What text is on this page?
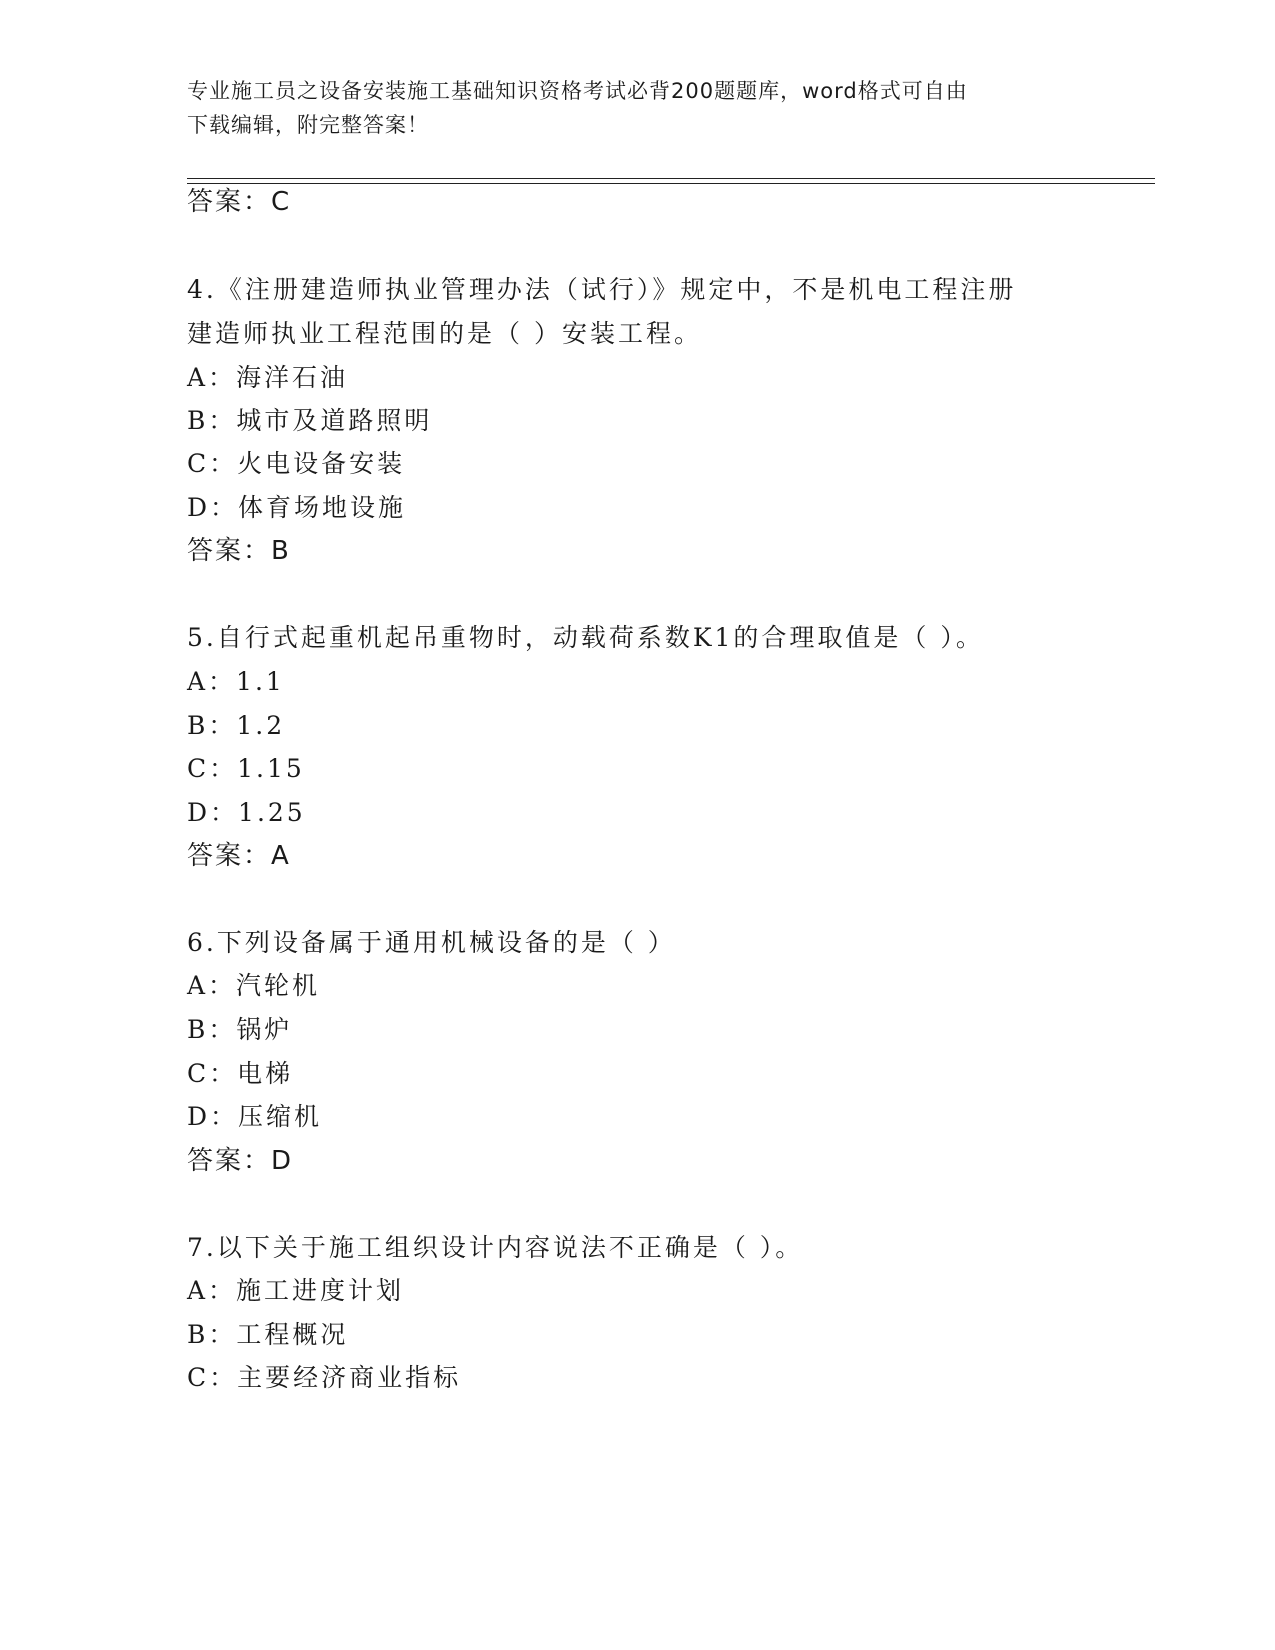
专业施工员之设备安装施工基础知识资格考试必背200题题库，word格式可自由
下载编辑，附完整答案！
答案：C
4.《注册建造师执业管理办法（试行）》规定中，不是机电工程注册
建造师执业工程范围的是（ ）安装工程。
A：海洋石油
B：城市及道路照明
C：火电设备安装
D：体育场地设施
答案：B
5.自行式起重机起吊重物时，动载荷系数K1的合理取值是（ ）。
A：1.1
B：1.2
C：1.15
D：1.25
答案：A
6.下列设备属于通用机械设备的是（ ）
A：汽轮机
B：锅炉
C：电梯
D：压缩机
答案：D
7.以下关于施工组织设计内容说法不正确是（ ）。
A：施工进度计划
B：工程概况
C：主要经济商业指标
